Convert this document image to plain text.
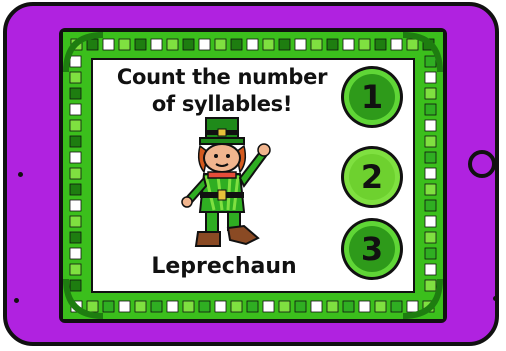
Count the number
of syllables!
Leprechaun
1
2
3
